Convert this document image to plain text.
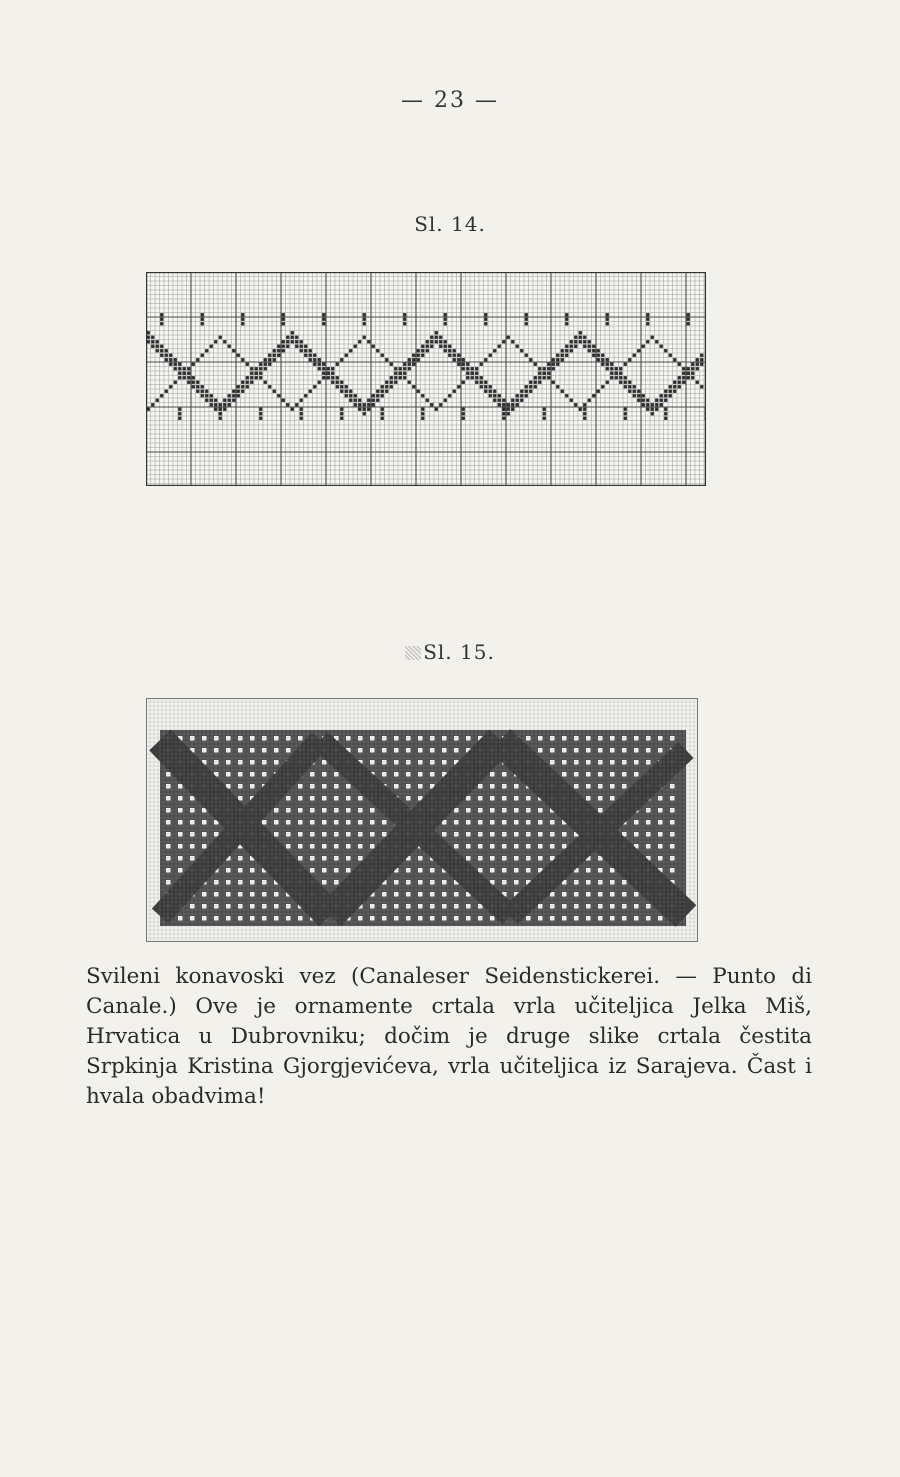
— 23 —
Sl. 14.
Sl. 15.

Svileni konavoski vez (Canaleser Seidenstickerei. — Punto di Canale.) Ove je ornamente crtala vrla učiteljica Jelka Miš, Hrvatica u Dubrovniku; dočim je druge slike crtala čestita Srpkinja Kristina Gjorgjevićeva, vrla učiteljica iz Sarajeva. Čast i hvala obadvima!
